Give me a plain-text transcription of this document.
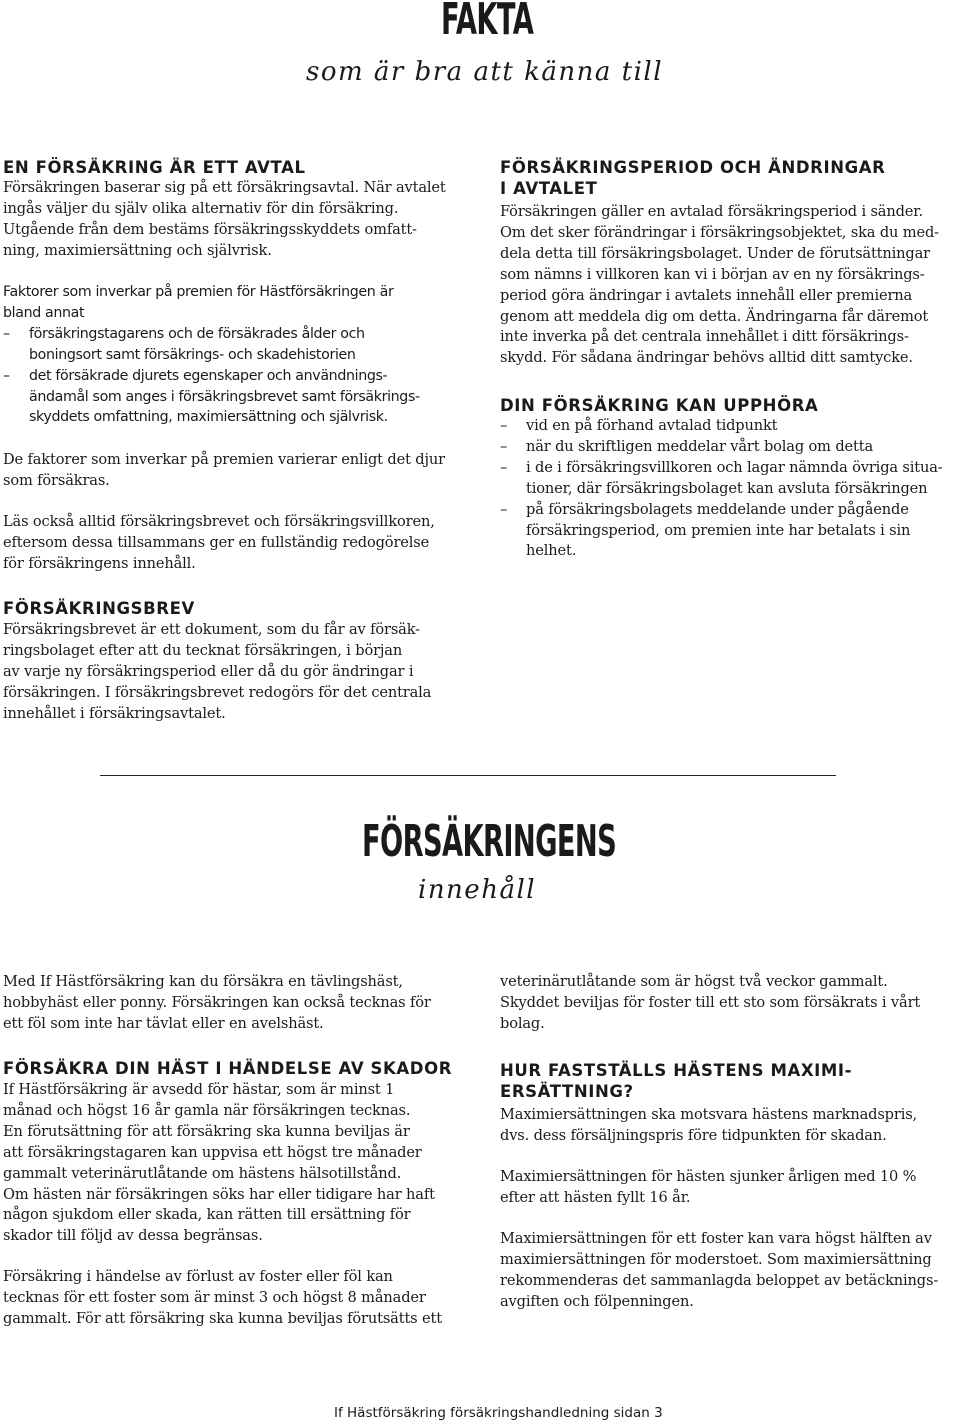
FAKTA
som är bra att känna till
EN FÖRSÄKRING ÄR ETT AVTAL
Försäkringen baserar sig på ett försäkringsavtal. När avtalet
ingås väljer du själv olika alternativ för din försäkring.
Utgående från dem bestäms försäkringsskyddets omfatt-
ning, maximiersättning och självrisk.
Faktorer som inverkar på premien för Hästförsäkringen är
bland annat
– försäkringstagarens och de försäkrades ålder och
boningsort samt försäkrings- och skadehistorien
– det försäkrade djurets egenskaper och användnings-
ändamål som anges i försäkringsbrevet samt försäkrings-
skyddets omfattning, maximiersättning och självrisk.
De faktorer som inverkar på premien varierar enligt det djur
som försäkras.
Läs också alltid försäkringsbrevet och försäkringsvillkoren,
eftersom dessa tillsammans ger en fullständig redogörelse
för försäkringens innehåll.
FÖRSÄKRINGSBREV
Försäkringsbrevet är ett dokument, som du får av försäk-
ringsbolaget efter att du tecknat försäkringen, i början
av varje ny försäkringsperiod eller då du gör ändringar i
försäkringen. I försäkringsbrevet redogörs för det centrala
innehållet i försäkringsavtalet.
FÖRSÄKRINGSPERIOD OCH ÄNDRINGAR
I AVTALET
Försäkringen gäller en avtalad försäkringsperiod i sänder.
Om det sker förändringar i försäkringsobjektet, ska du med-
dela detta till försäkringsbolaget. Under de förutsättningar
som nämns i villkoren kan vi i början av en ny försäkrings-
period göra ändringar i avtalets innehåll eller premierna
genom att meddela dig om detta. Ändringarna får däremot
inte inverka på det centrala innehållet i ditt försäkrings-
skydd. För sådana ändringar behövs alltid ditt samtycke.
DIN FÖRSÄKRING KAN UPPHÖRA
– vid en på förhand avtalad tidpunkt
– när du skriftligen meddelar vårt bolag om detta
– i de i försäkringsvillkoren och lagar nämnda övriga situa-
tioner, där försäkringsbolaget kan avsluta försäkringen
– på försäkringsbolagets meddelande under pågående
försäkringsperiod, om premien inte har betalats i sin
helhet.
FÖRSÄKRINGENS
innehåll
Med If Hästförsäkring kan du försäkra en tävlingshäst,
hobbyhäst eller ponny. Försäkringen kan också tecknas för
ett föl som inte har tävlat eller en avelshäst.
FÖRSÄKRA DIN HÄST I HÄNDELSE AV SKADOR
If Hästförsäkring är avsedd för hästar, som är minst 1
månad och högst 16 år gamla när försäkringen tecknas.
En förutsättning för att försäkring ska kunna beviljas är
att försäkringstagaren kan uppvisa ett högst tre månader
gammalt veterinärutlåtande om hästens hälsotillstånd.
Om hästen när försäkringen söks har eller tidigare har haft
någon sjukdom eller skada, kan rätten till ersättning för
skador till följd av dessa begränsas.
Försäkring i händelse av förlust av foster eller föl kan
tecknas för ett foster som är minst 3 och högst 8 månader
gammalt. För att försäkring ska kunna beviljas förutsätts ett
veterinärutlåtande som är högst två veckor gammalt.
Skyddet beviljas för foster till ett sto som försäkrats i vårt
bolag.
HUR FASTSTÄLLS HÄSTENS MAXIMI-
ERSÄTTNING?
Maximiersättningen ska motsvara hästens marknadspris,
dvs. dess försäljningspris före tidpunkten för skadan.
Maximiersättningen för hästen sjunker årligen med 10 %
efter att hästen fyllt 16 år.
Maximiersättningen för ett foster kan vara högst hälften av
maximiersättningen för moderstoet. Som maximiersättning
rekommenderas det sammanlagda beloppet av betäcknings-
avgiften och fölpenningen.
If Hästförsäkring försäkringshandledning sidan 3
